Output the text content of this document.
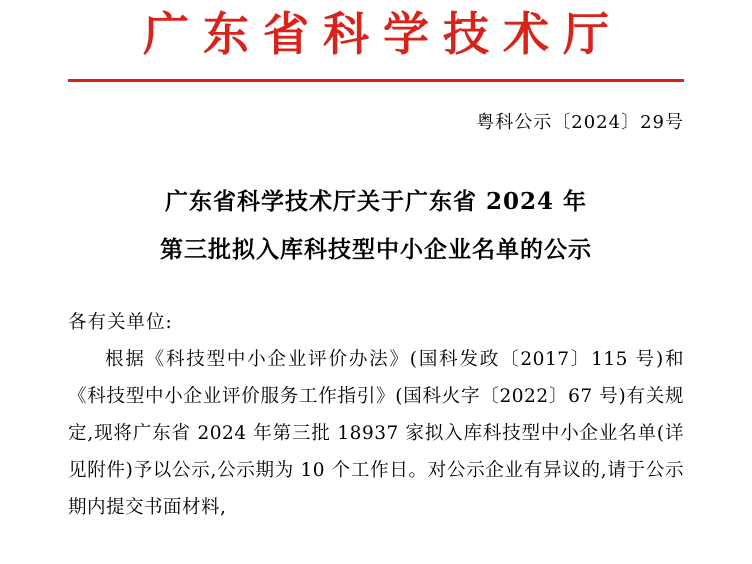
广东省科学技术厅
粤科公示〔2024〕29号
广东省科学技术厅关于广东省 2024 年
第三批拟入库科技型中小企业名单的公示
各有关单位:
根据《科技型中小企业评价办法》(国科发政〔2017〕115 号)和《科技型中小企业评价服务工作指引》(国科火字〔2022〕67 号)有关规定,现将广东省 2024 年第三批 18937 家拟入库科技型中小企业名单(详见附件)予以公示,公示期为 10 个工作日。对公示企业有异议的,请于公示期内提交书面材料,
